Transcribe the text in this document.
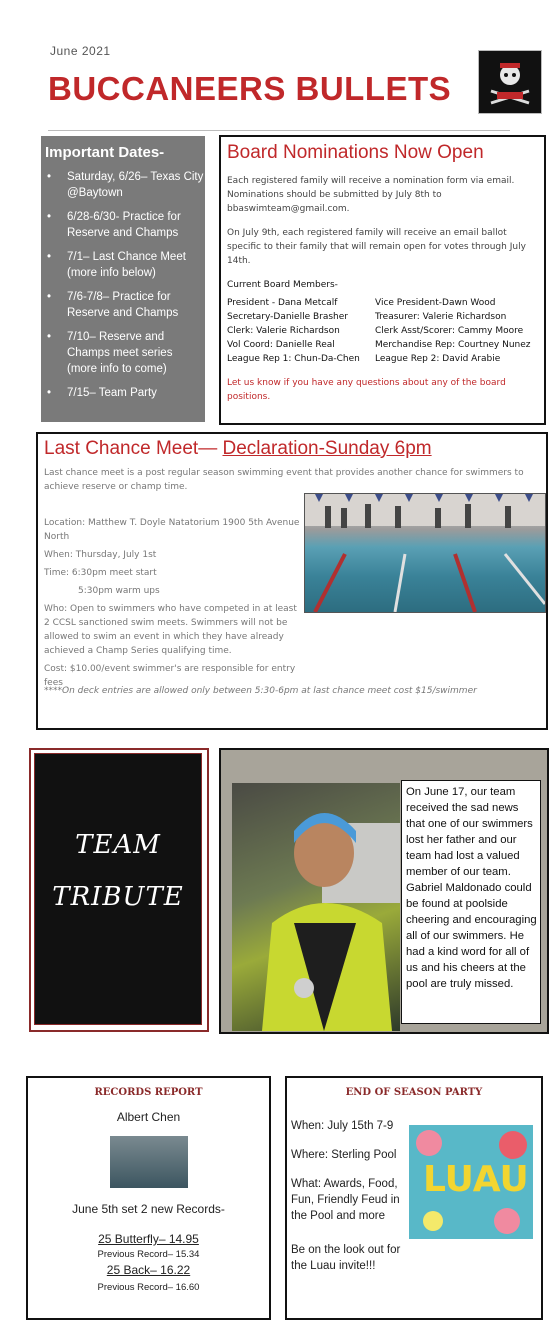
June 2021
BUCCANEERS BULLETS
Important Dates-
• Saturday, 6/26– Texas City @Baytown
• 6/28-6/30- Practice for Reserve and Champs
• 7/1– Last Chance Meet (more info below)
• 7/6-7/8– Practice for Reserve and Champs
• 7/10– Reserve and Champs meet series (more info to come)
• 7/15– Team Party
Board Nominations Now Open

Each registered family will receive a nomination form via email. Nominations should be submitted by July 8th to bbaswimteam@gmail.com.

On July 9th, each registered family will receive an email ballot specific to their family that will remain open for votes through July 14th.

Current Board Members-

President - Dana Metcalf	Vice President-Dawn Wood
Secretary-Danielle Brasher	Treasurer: Valerie Richardson
Clerk: Valerie Richardson	Clerk Asst/Scorer: Cammy Moore
Vol Coord: Danielle Real	Merchandise Rep: Courtney Nunez
League Rep 1: Chun-Da-Chen	League Rep 2: David Arabie

Let us know if you have any questions about any of the board positions.

Last Chance Meet— Declaration-Sunday 6pm
Last chance meet is a post regular season swimming event that provides another chance for swimmers to achieve reserve or champ time.
Location: Matthew T. Doyle Natatorium 1900 5th Avenue North
When: Thursday, July 1st
Time: 6:30pm meet start
5:30pm warm ups
Who: Open to swimmers who have competed in at least 2 CCSL sanctioned swim meets. Swimmers will not be allowed to swim an event in which they have already achieved a Champ Series qualifying time.
Cost: $10.00/event swimmer's are responsible for entry fees
****On deck entries are allowed only between 5:30-6pm at last chance meet cost $15/swimmer
TEAM
TRIBUTE
On June 17, our team received the sad news that one of our swimmers lost her father and our team had lost a valued member of our team. Gabriel Maldonado could be found at poolside cheering and encouraging all of our swimmers. He had a kind word for all of us and his cheers at the pool are truly missed.
RECORDS REPORT
Albert Chen
June 5th set 2 new Records-
25 Butterfly– 14.95
Previous Record– 15.34
25 Back– 16.22
Previous Record– 16.60
END OF SEASON PARTY
When: July 15th 7-9
Where: Sterling Pool
What: Awards, Food, Fun, Friendly Feud in the Pool and more
Be on the look out for the Luau invite!!!
LUAU
